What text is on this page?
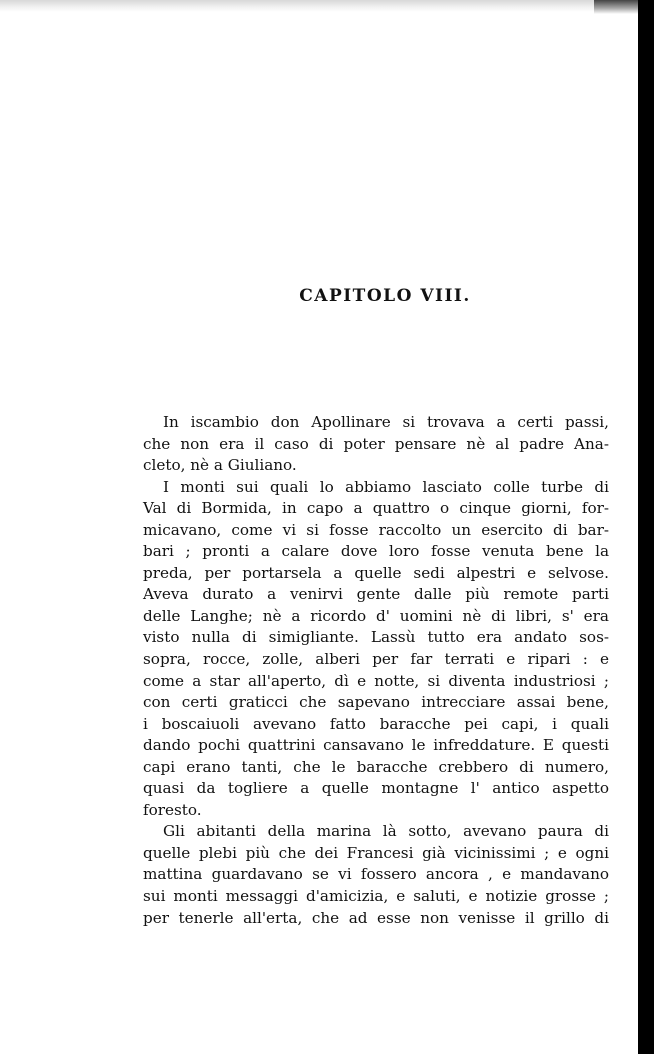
CAPITOLO VIII.
In iscambio don Apollinare si trovava a certi passi,
che non era il caso di poter pensare nè al padre Ana-
cleto, nè a Giuliano.
I monti sui quali lo abbiamo lasciato colle turbe di
Val di Bormida, in capo a quattro o cinque giorni, for-
micavano, come vi si fosse raccolto un esercito di bar-
bari ; pronti a calare dove loro fosse venuta bene la
preda, per portarsela a quelle sedi alpestri e selvose.
Aveva durato a venirvi gente dalle più remote parti
delle Langhe; nè a ricordo d' uomini nè di libri, s' era
visto nulla di simigliante. Lassù tutto era andato sos-
sopra, rocce, zolle, alberi per far terrati e ripari : e
come a star all'aperto, dì e notte, si diventa industriosi ;
con certi graticci che sapevano intrecciare assai bene,
i boscaiuoli avevano fatto baracche pei capi, i quali
dando pochi quattrini cansavano le infreddature. E questi
capi erano tanti, che le baracche crebbero di numero,
quasi da togliere a quelle montagne l' antico aspetto
foresto.
Gli abitanti della marina là sotto, avevano paura di
quelle plebi più che dei Francesi già vicinissimi ; e ogni
mattina guardavano se vi fossero ancora , e mandavano
sui monti messaggi d'amicizia, e saluti, e notizie grosse ;
per tenerle all'erta, che ad esse non venisse il grillo di
